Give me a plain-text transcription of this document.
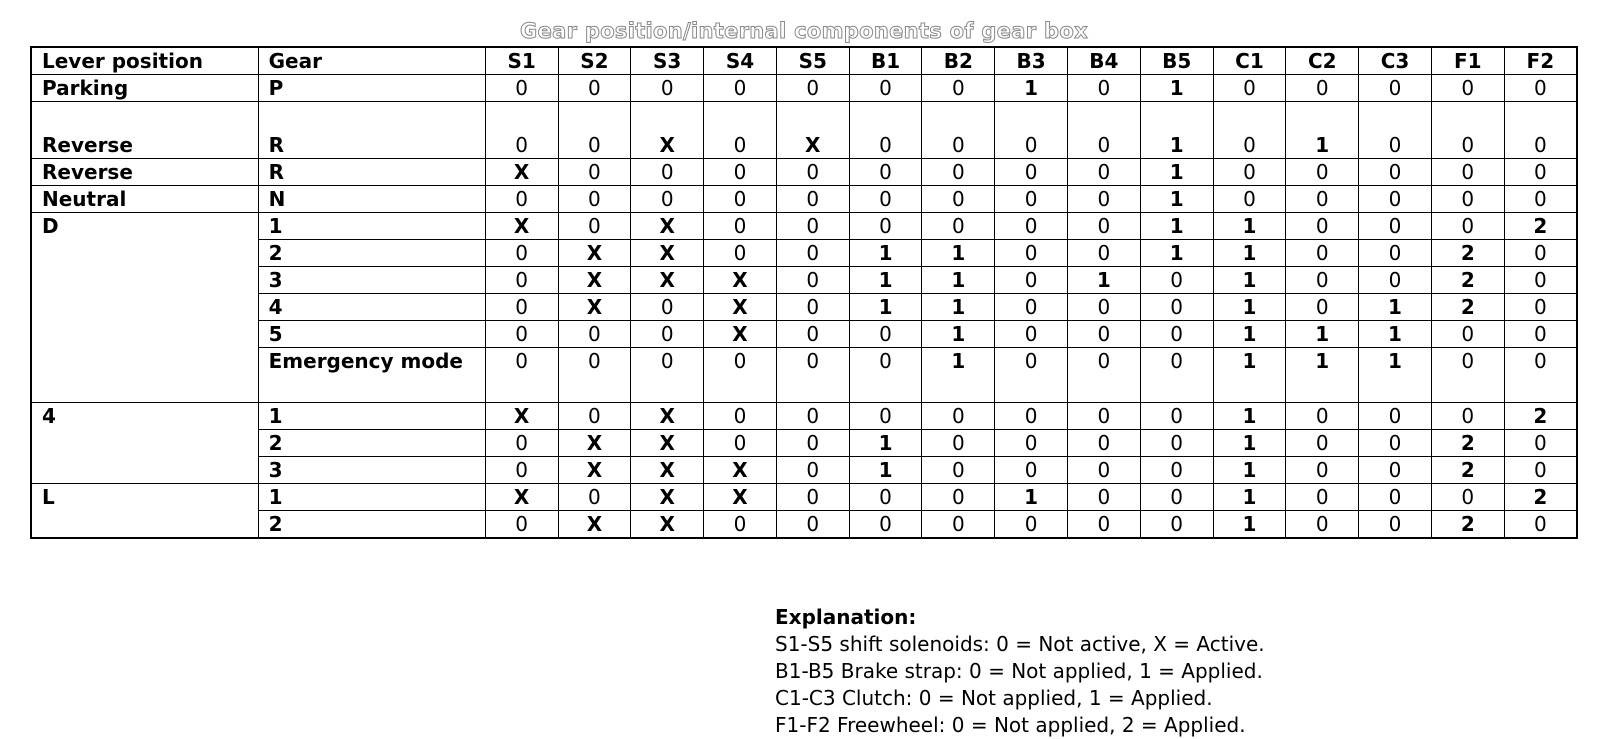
Gear position/internal components of gear box
Lever position	Gear	S1	S2	S3	S4	S5	B1	B2	B3	B4	B5	C1	C2	C3	F1	F2
Parking	P	0	0	0	0	0	0	0	1	0	1	0	0	0	0	0
Reverse	R	0	0	X	0	X	0	0	0	0	1	0	1	0	0	0
Reverse	R	X	0	0	0	0	0	0	0	0	1	0	0	0	0	0
Neutral	N	0	0	0	0	0	0	0	0	0	1	0	0	0	0	0
D	1	X	0	X	0	0	0	0	0	0	1	1	0	0	0	2
	2	0	X	X	0	0	1	1	0	0	1	1	0	0	2	0
	3	0	X	X	X	0	1	1	0	1	0	1	0	0	2	0
	4	0	X	0	X	0	1	1	0	0	0	1	0	1	2	0
	5	0	0	0	X	0	0	1	0	0	0	1	1	1	0	0
	Emergency mode	0	0	0	0	0	0	1	0	0	0	1	1	1	0	0
4	1	X	0	X	0	0	0	0	0	0	0	1	0	0	0	2
	2	0	X	X	0	0	1	0	0	0	0	1	0	0	2	0
	3	0	X	X	X	0	1	0	0	0	0	1	0	0	2	0
L	1	X	0	X	X	0	0	0	1	0	0	1	0	0	0	2
	2	0	X	X	0	0	0	0	0	0	0	1	0	0	2	0
Explanation:
S1-S5 shift solenoids: 0 = Not active, X = Active.
B1-B5 Brake strap: 0 = Not applied, 1 = Applied.
C1-C3 Clutch: 0 = Not applied, 1 = Applied.
F1-F2 Freewheel: 0 = Not applied, 2 = Applied.
